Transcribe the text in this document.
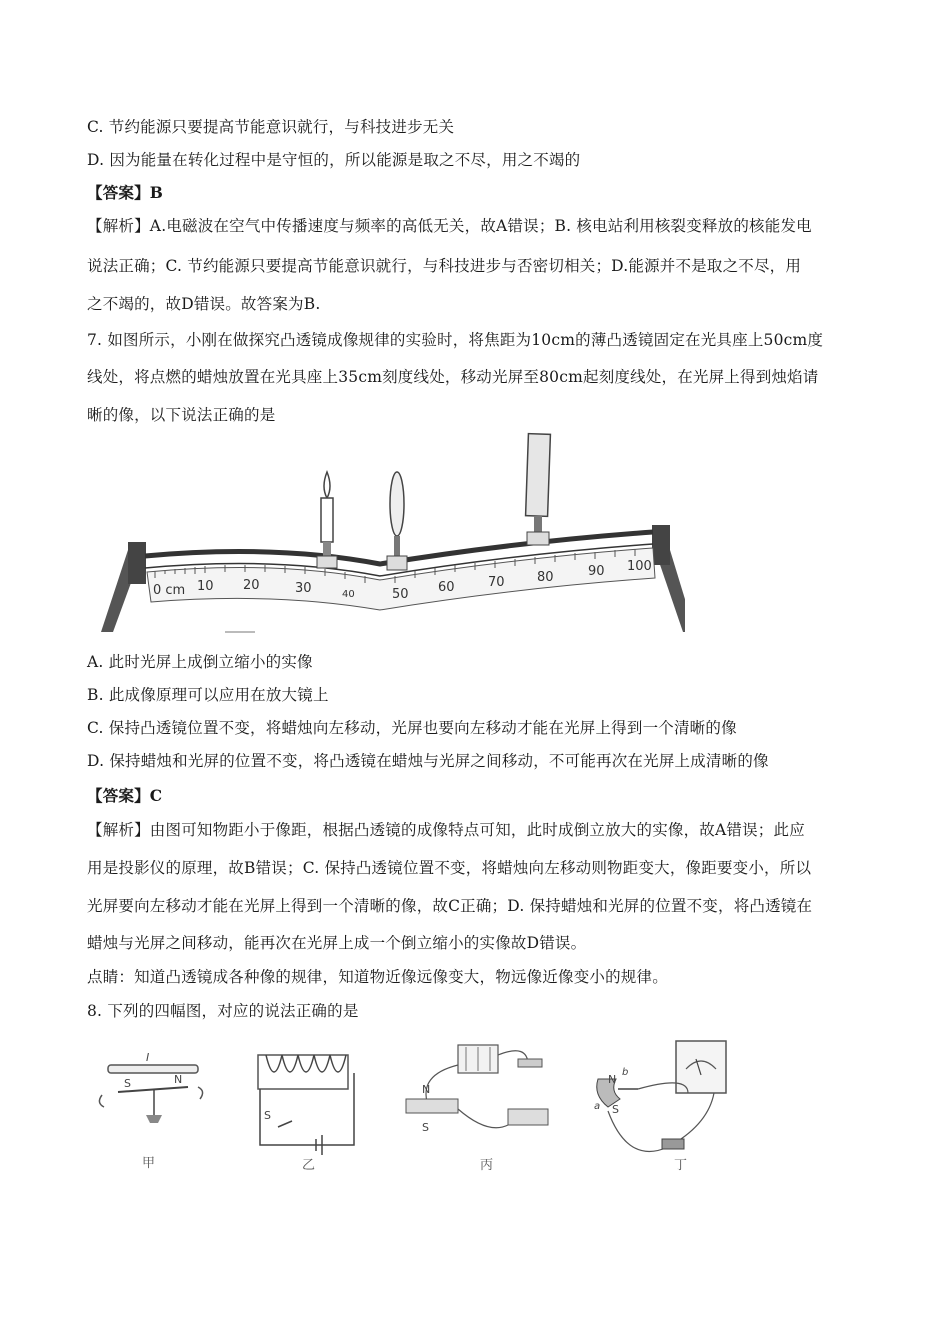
C. 节约能源只要提高节能意识就行，与科技进步无关
D. 因为能量在转化过程中是守恒的，所以能源是取之不尽，用之不竭的
【答案】B
【解析】A.电磁波在空气中传播速度与频率的高低无关，故A错误；B. 核电站利用核裂变释放的核能发电
说法正确；C. 节约能源只要提高节能意识就行，与科技进步与否密切相关；D.能源并不是取之不尽，用
之不竭的，故D错误。故答案为B.
7. 如图所示，小刚在做探究凸透镜成像规律的实验时，将焦距为10cm的薄凸透镜固定在光具座上50cm度
线处，将点燃的蜡烛放置在光具座上35cm刻度线处，移动光屏至80cm起刻度线处，在光屏上得到烛焰请
晰的像，以下说法正确的是
0 cm 10 20	30	40	50 60	70 80	90 100
A. 此时光屏上成倒立缩小的实像
B. 此成像原理可以应用在放大镜上
C. 保持凸透镜位置不变，将蜡烛向左移动，光屏也要向左移动才能在光屏上得到一个清晰的像
D. 保持蜡烛和光屏的位置不变，将凸透镜在蜡烛与光屏之间移动，不可能再次在光屏上成清晰的像
【答案】C
【解析】由图可知物距小于像距，根据凸透镜的成像特点可知，此时成倒立放大的实像，故A错误；此应
用是投影仪的原理，故B错误；C. 保持凸透镜位置不变，将蜡烛向左移动则物距变大，像距要变小，所以
光屏要向左移动才能在光屏上得到一个清晰的像，故C正确；D. 保持蜡烛和光屏的位置不变，将凸透镜在
蜡烛与光屏之间移动，能再次在光屏上成一个倒立缩小的实像故D错误。
点睛：知道凸透镜成各种像的规律，知道物近像远像变大，物远像近像变小的规律。
8. 下列的四幅图，对应的说法正确的是
I
S	N
甲
S
乙
N
S
丙
N
b
a S
丁
